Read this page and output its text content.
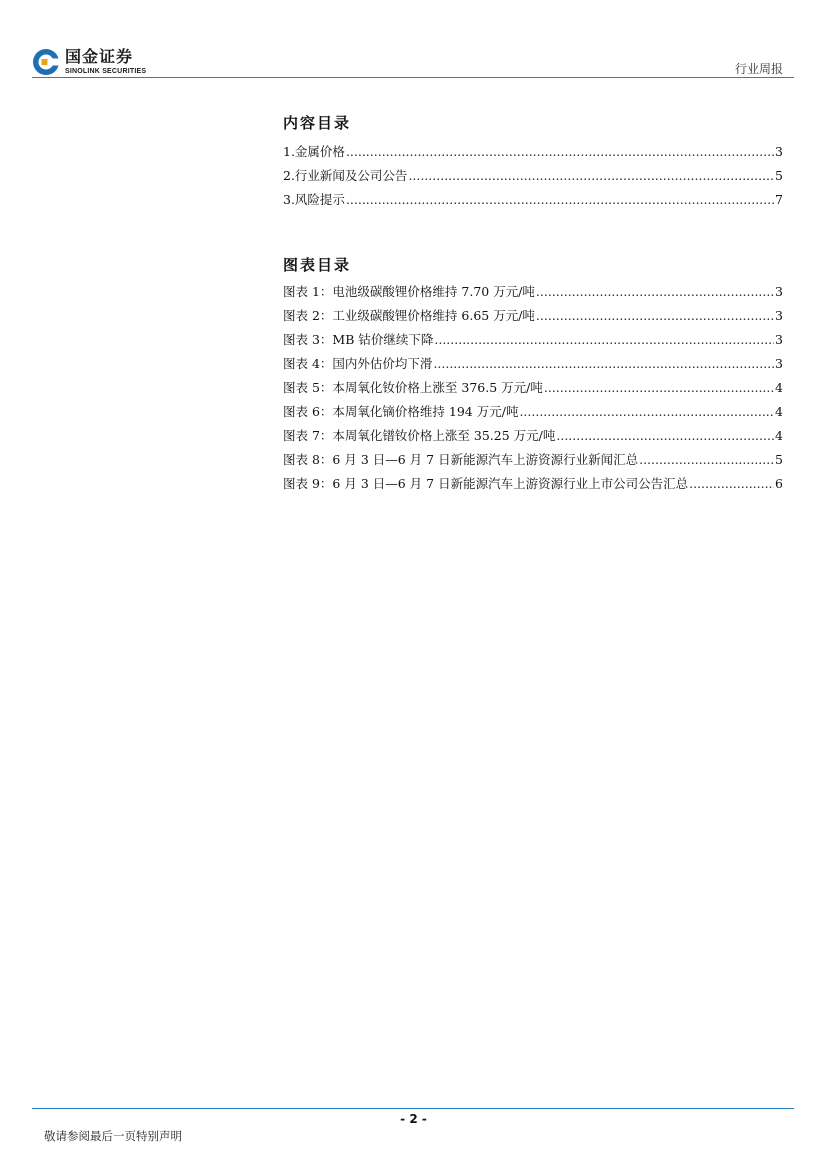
国金证券
SINOLINK SECURITIES	行业周报
内容目录
1.金属价格 .....	3
2.行业新闻及公司公告 .....	5
3.风险提示 .....	7
图表目录
图表 1：电池级碳酸锂价格维持 7.70 万元/吨 .....	3
图表 2：工业级碳酸锂价格维持 6.65 万元/吨 .....	3
图表 3：MB 钴价继续下降 .....	3
图表 4：国内外估价均下滑 .....	3
图表 5：本周氧化钕价格上涨至 376.5 万元/吨 .....	4
图表 6：本周氧化镝价格维持 194 万元/吨 .....	4
图表 7：本周氧化镨钕价格上涨至 35.25 万元/吨 .....	4
图表 8：6 月 3 日—6 月 7 日新能源汽车上游资源行业新闻汇总 .....	5
图表 9：6 月 3 日—6 月 7 日新能源汽车上游资源行业上市公司公告汇总 .....	6
- 2 -
敬请参阅最后一页特别声明
